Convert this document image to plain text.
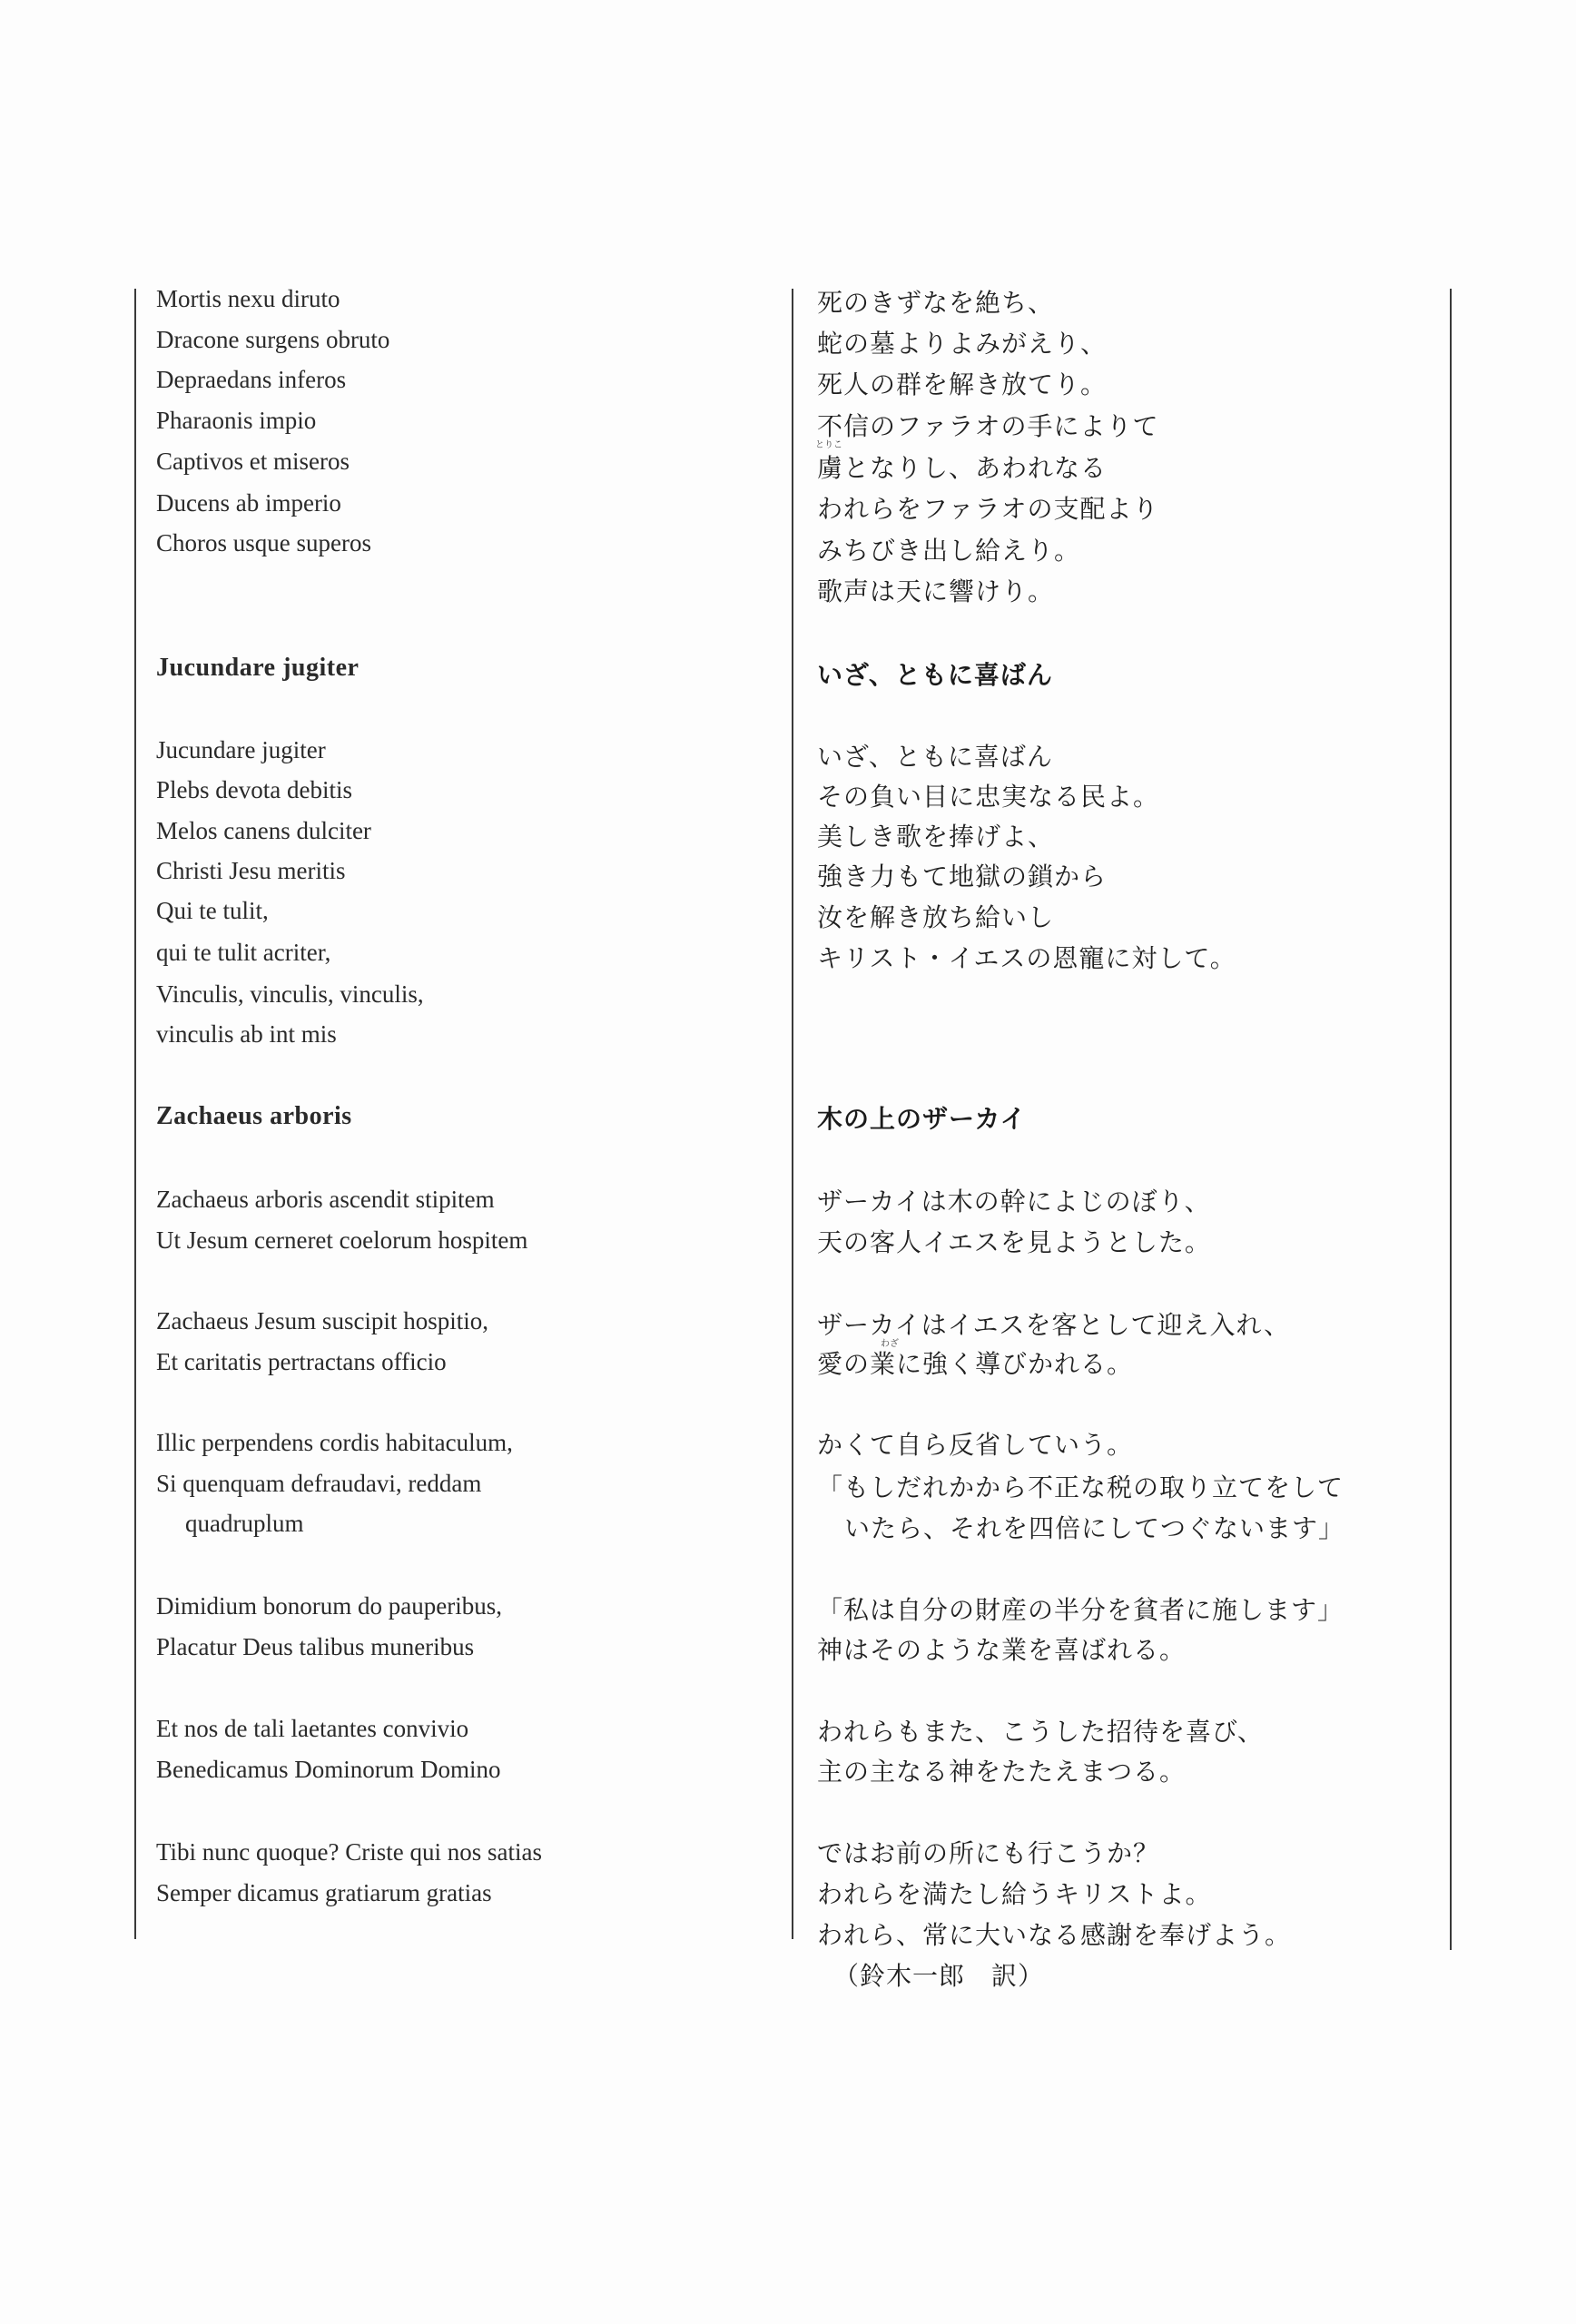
Mortis nexu diruto
Dracone surgens obruto
Depraedans inferos
Pharaonis impio
Captivos et miseros
Ducens ab imperio
Choros usque superos
Jucundare jugiter
Jucundare jugiter
Plebs devota debitis
Melos canens dulciter
Christi Jesu meritis
Qui te tulit,
qui te tulit acriter,
Vinculis, vinculis, vinculis,
vinculis ab int mis
Zachaeus arboris
Zachaeus arboris ascendit stipitem
Ut Jesum cerneret coelorum hospitem
Zachaeus Jesum suscipit hospitio,
Et caritatis pertractans officio
Illic perpendens cordis habitaculum,
Si quenquam defraudavi, reddam
quadruplum
Dimidium bonorum do pauperibus,
Placatur Deus talibus muneribus
Et nos de tali laetantes convivio
Benedicamus Dominorum Domino
Tibi nunc quoque? Criste qui nos satias
Semper dicamus gratiarum gratias
死のきずなを絶ち、
蛇の墓よりよみがえり、
死人の群を解き放てり。
不信のファラオの手によりて
とりこ
虜となりし、あわれなる
われらをファラオの支配より
みちびき出し給えり。
歌声は天に響けり。
いざ、ともに喜ばん
いざ、ともに喜ばん
その負い目に忠実なる民よ。
美しき歌を捧げよ、
強き力もて地獄の鎖から
汝を解き放ち給いし
キリスト・イエスの恩寵に対して。
木の上のザーカイ
ザーカイは木の幹によじのぼり、
天の客人イエスを見ようとした。
ザーカイはイエスを客として迎え入れ、
わざ
愛の業に強く導びかれる。
かくて自ら反省していう。
「もしだれかから不正な税の取り立てをして
いたら、それを四倍にしてつぐないます」
「私は自分の財産の半分を貧者に施します」
神はそのような業を喜ばれる。
われらもまた、こうした招待を喜び、
主の主なる神をたたえまつる。
ではお前の所にも行こうか？
われらを満たし給うキリストよ。
われら、常に大いなる感謝を奉げよう。
（鈴木一郎　訳）
